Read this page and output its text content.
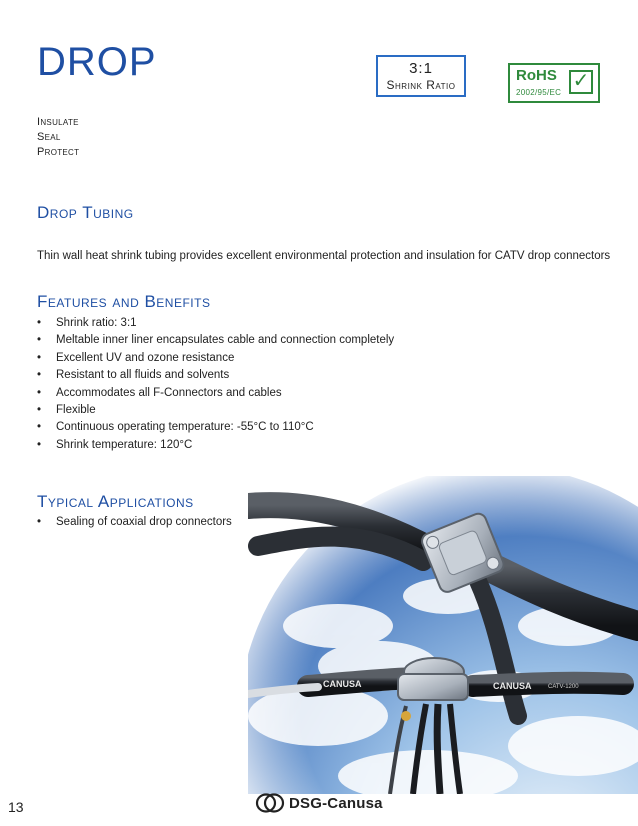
DROP	3:1
Shrink Ratio
RoHS
2002/95/EC
✓
Insulate
Seal
Protect
Drop Tubing
Thin wall heat shrink tubing provides excellent environmental protection and insulation for CATV drop connectors
Features and Benefits
• Shrink ratio: 3:1
• Meltable inner liner encapsulates cable and connection completely
• Excellent UV and ozone resistance
• Resistant to all fluids and solvents
• Accommodates all F-Connectors and cables
• Flexible
• Continuous operating temperature: -55°C to 110°C
• Shrink temperature: 120°C
Typical Applications
• Sealing of coaxial drop connectors
CANUSA	CANUSA	CATV-1200
13	DSG-Canusa
